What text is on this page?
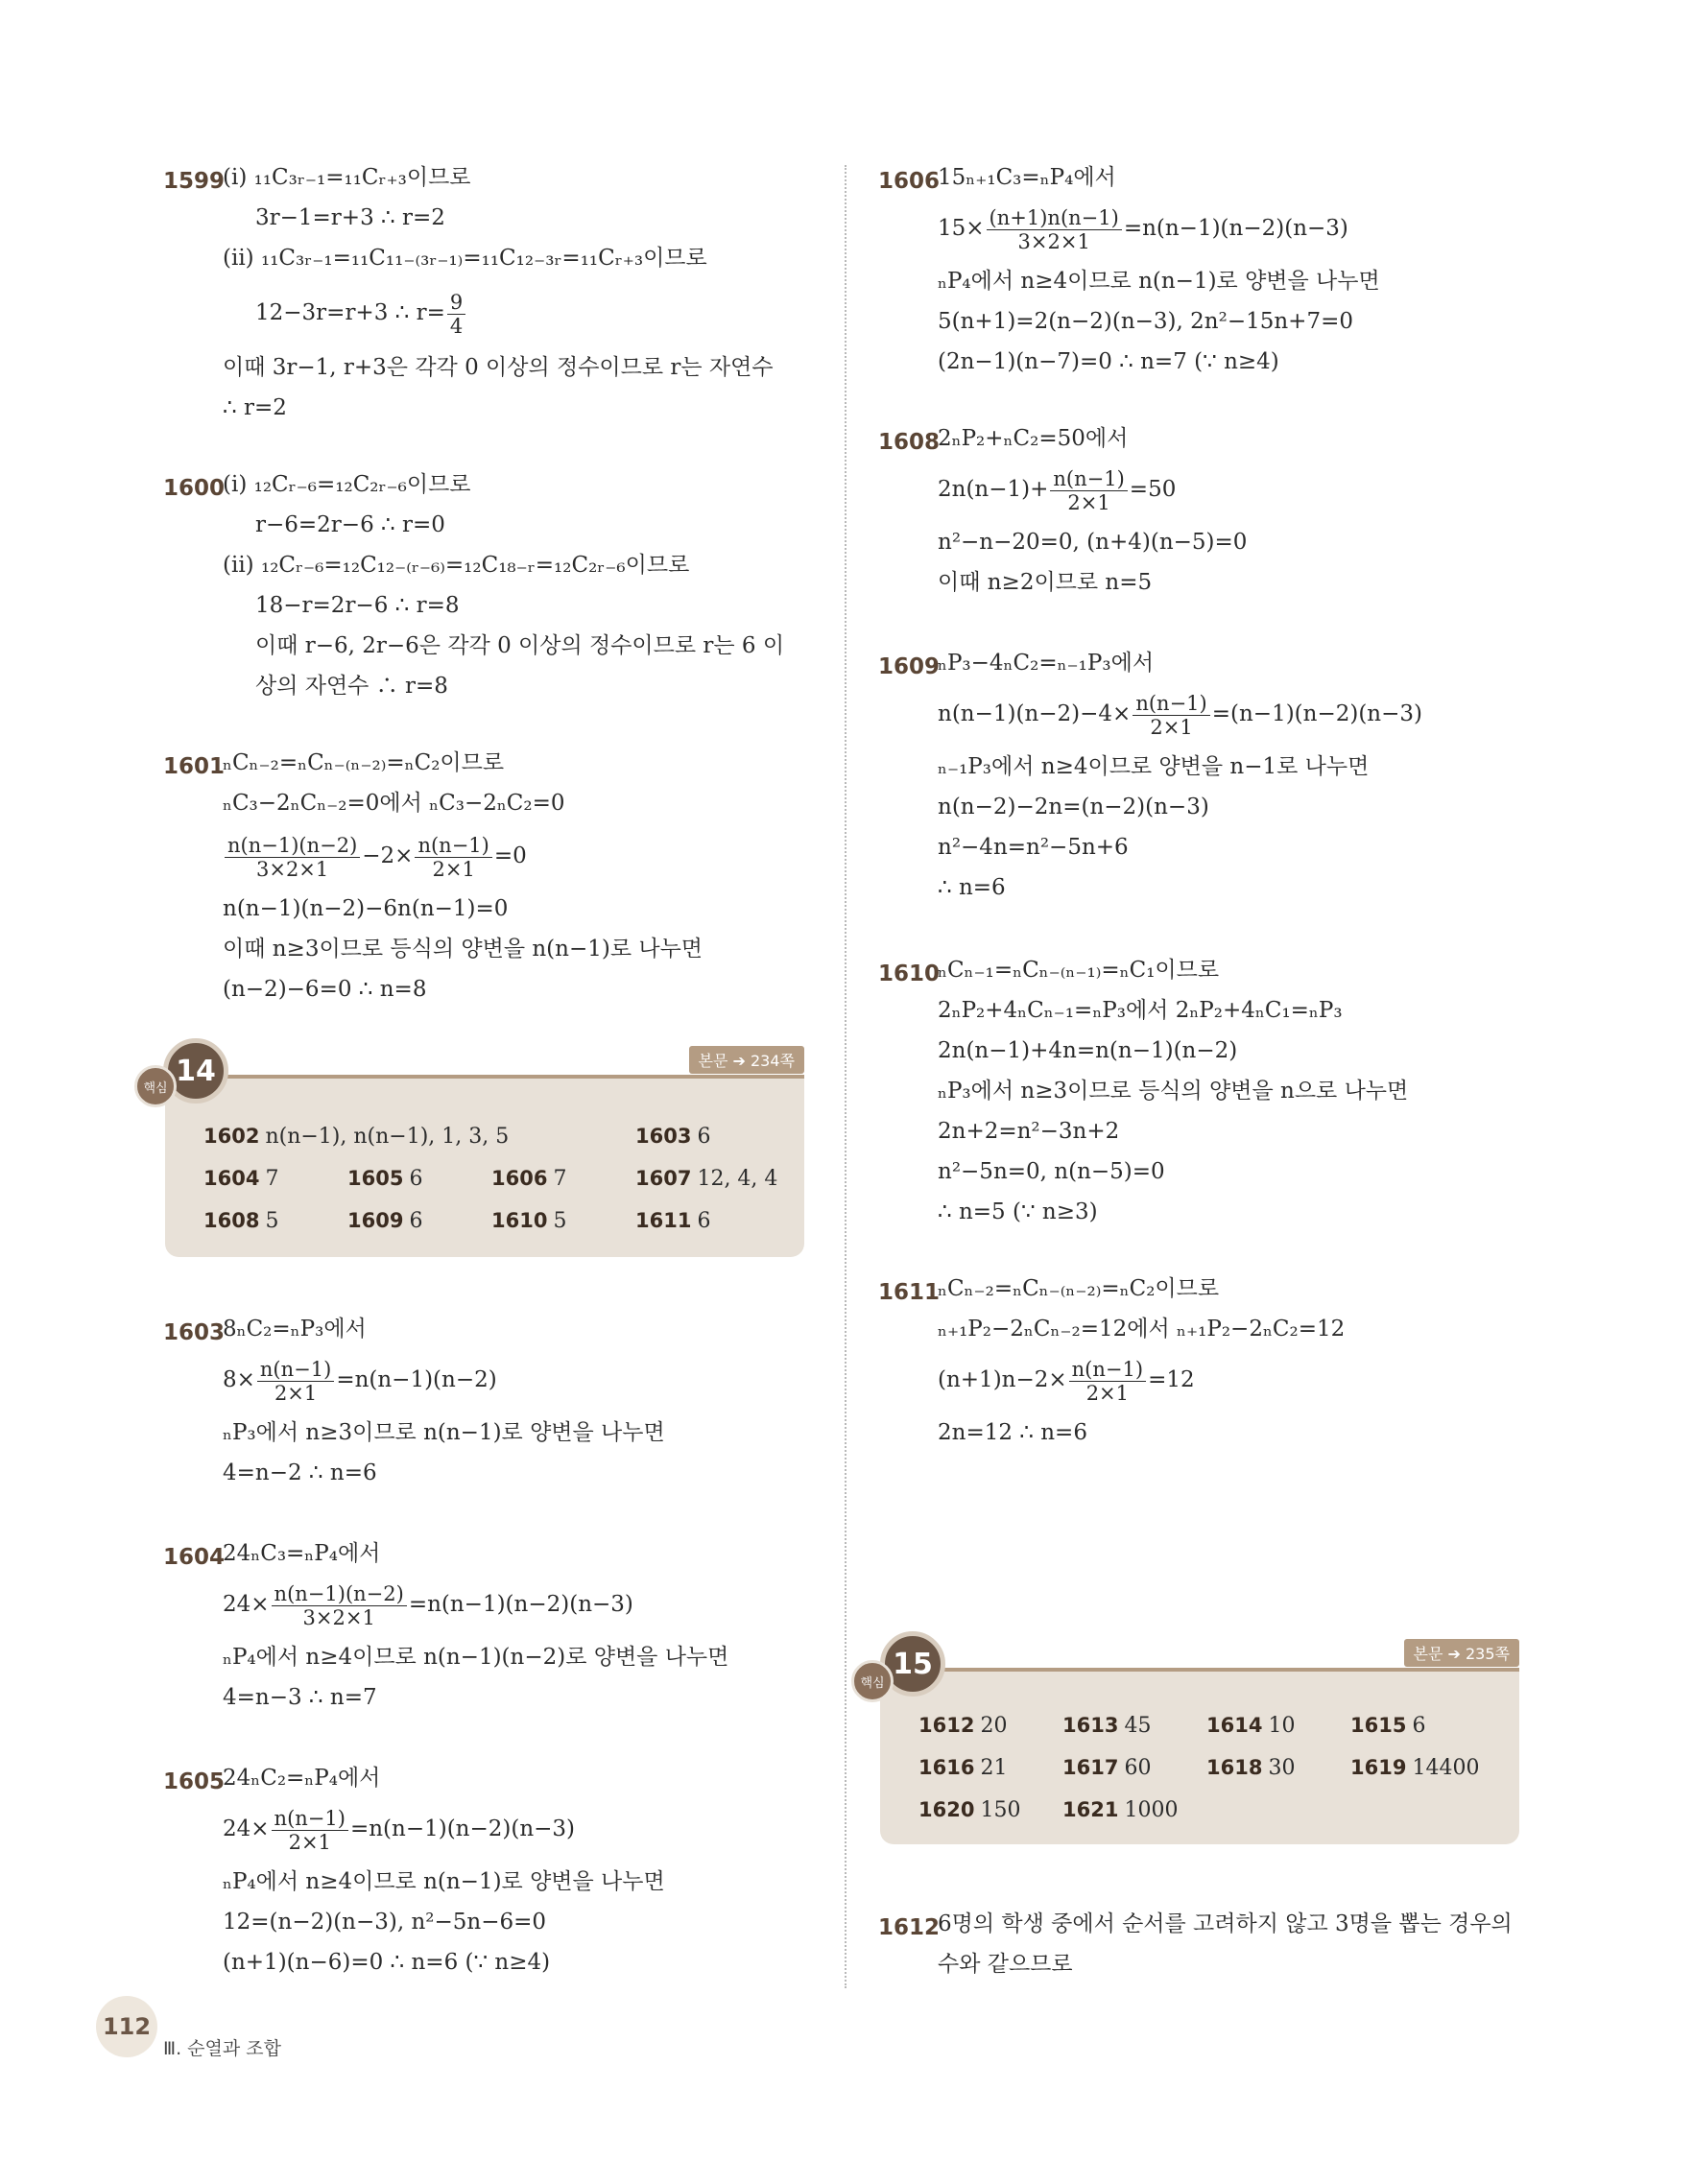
1599
(ⅰ) ₁₁C₃ᵣ₋₁=₁₁Cᵣ₊₃이므로
3r−1=r+3 ∴ r=2
(ⅱ) ₁₁C₃ᵣ₋₁=₁₁C₁₁₋₍₃ᵣ₋₁₎=₁₁C₁₂₋₃ᵣ=₁₁Cᵣ₊₃이므로
12−3r=r+3 ∴ $r= \frac{9}{4}$
이때 3r−1, r+3은 각각 0 이상의 정수이므로 r는 자연수
∴ r=2
1600
(ⅰ) ₁₂Cᵣ₋₆=₁₂C₂ᵣ₋₆이므로
r−6=2r−6 ∴ r=0
(ⅱ) ₁₂Cᵣ₋₆=₁₂C₁₂₋₍ᵣ₋₆₎=₁₂C₁₈₋ᵣ=₁₂C₂ᵣ₋₆이므로
18−r=2r−6 ∴ r=8
이때 r−6, 2r−6은 각각 0 이상의 정수이므로 r는 6 이
상의 자연수 ∴ r=8
1601
ₙCₙ₋₂=ₙCₙ₋₍ₙ₋₂₎=ₙC₂이므로
ₙC₃−2ₙCₙ₋₂=0에서 ₙC₃−2ₙC₂=0
$\frac{n(n-1)(n-2)}{3\times 2\times 1} -2\times \frac{n(n-1)}{2\times 1} =0$
n(n−1)(n−2)−6n(n−1)=0
이때 n≥3이므로 등식의 양변을 n(n−1)로 나누면
(n−2)−6=0 ∴ n=8
14
핵심
본문 ➔ 234쪽
1602 n(n−1), n(n−1), 1, 3, 5	1603 6
1604 7	1605 6	1606 7	1607 12, 4, 4
1608 5	1609 6	1610 5	1611 6
1603
8ₙC₂=ₙP₃에서
$8\times \frac{n(n-1)}{2\times 1} =n(n-1)(n-2)$
ₙP₃에서 n≥3이므로 n(n−1)로 양변을 나누면
4=n−2 ∴ n=6
1604
24ₙC₃=ₙP₄에서
$24\times \frac{n(n-1)(n-2)}{3\times 2\times 1} =n(n-1)(n-2)(n-3)$
ₙP₄에서 n≥4이므로 n(n−1)(n−2)로 양변을 나누면
4=n−3 ∴ n=7
1605
24ₙC₂=ₙP₄에서
$24\times \frac{n(n-1)}{2\times 1} =n(n-1)(n-2)(n-3)$
ₙP₄에서 n≥4이므로 n(n−1)로 양변을 나누면
12=(n−2)(n−3), n²−5n−6=0
(n+1)(n−6)=0 ∴ n=6 (∵ n≥4)
1606
15ₙ₊₁C₃=ₙP₄에서
$15\times \frac{(n+1)n(n-1)}{3\times 2\times 1} =n(n-1)(n-2)(n-3)$
ₙP₄에서 n≥4이므로 n(n−1)로 양변을 나누면
5(n+1)=2(n−2)(n−3), 2n²−15n+7=0
(2n−1)(n−7)=0 ∴ n=7 (∵ n≥4)
1608
2ₙP₂+ₙC₂=50에서
$2n(n-1)+ \frac{n(n-1)}{2\times 1} =50$
n²−n−20=0, (n+4)(n−5)=0
이때 n≥2이므로 n=5
1609
ₙP₃−4ₙC₂=ₙ₋₁P₃에서
$n(n-1)(n-2)-4\times \frac{n(n-1)}{2\times 1} =(n-1)(n-2)(n-3)$
ₙ₋₁P₃에서 n≥4이므로 양변을 n−1로 나누면
n(n−2)−2n=(n−2)(n−3)
n²−4n=n²−5n+6
∴ n=6
1610
ₙCₙ₋₁=ₙCₙ₋₍ₙ₋₁₎=ₙC₁이므로
2ₙP₂+4ₙCₙ₋₁=ₙP₃에서 2ₙP₂+4ₙC₁=ₙP₃
2n(n−1)+4n=n(n−1)(n−2)
ₙP₃에서 n≥3이므로 등식의 양변을 n으로 나누면
2n+2=n²−3n+2
n²−5n=0, n(n−5)=0
∴ n=5 (∵ n≥3)
1611
ₙCₙ₋₂=ₙCₙ₋₍ₙ₋₂₎=ₙC₂이므로
ₙ₊₁P₂−2ₙCₙ₋₂=12에서 ₙ₊₁P₂−2ₙC₂=12
$(n+1)n-2\times \frac{n(n-1)}{2\times 1} =12$
2n=12 ∴ n=6
15
핵심
본문 ➔ 235쪽
1612 20	1613 45	1614 10	1615 6
1616 21	1617 60	1618 30	1619 14400
1620 150 1621 1000
1612
6명의 학생 중에서 순서를 고려하지 않고 3명을 뽑는 경우의
수와 같으므로
112
Ⅲ. 순열과 조합
